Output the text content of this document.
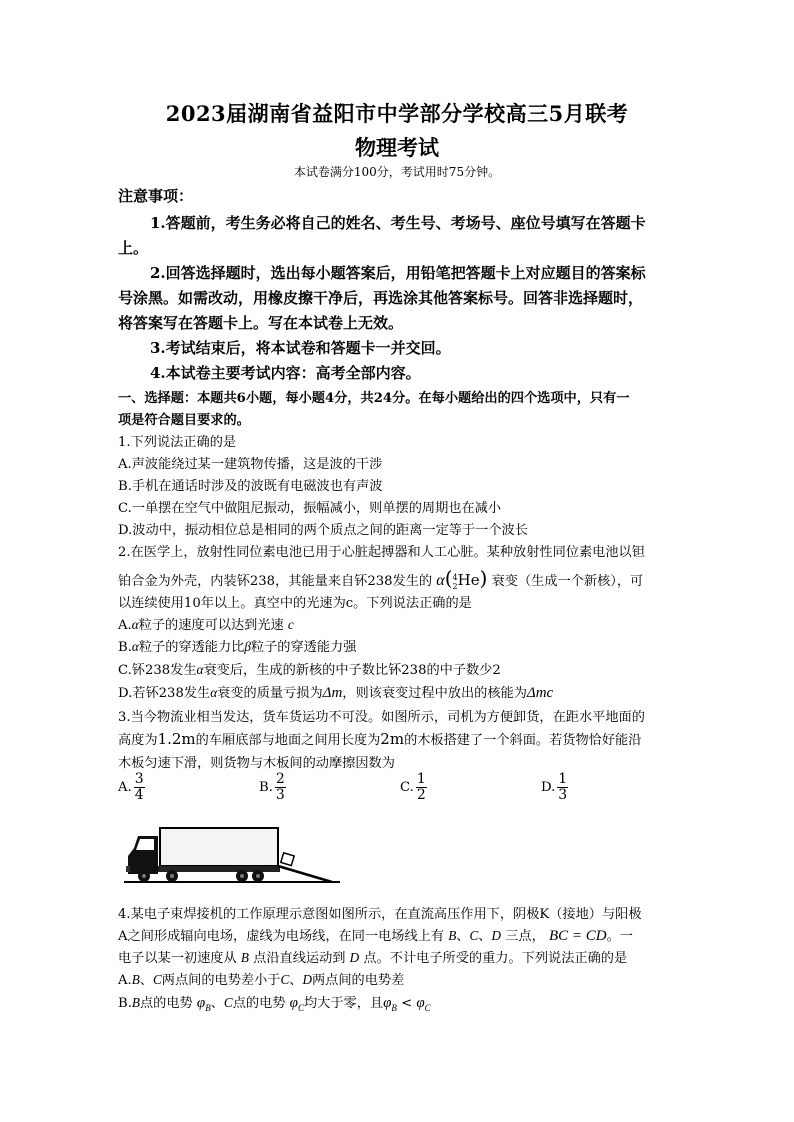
2023届湖南省益阳市中学部分学校高三5月联考
物理考试
本试卷满分100分，考试用时75分钟。
注意事项：
1.答题前，考生务必将自己的姓名、考生号、考场号、座位号填写在答题卡
上。
2.回答选择题时，选出每小题答案后，用铅笔把答题卡上对应题目的答案标
号涂黑。如需改动，用橡皮擦干净后，再选涂其他答案标号。回答非选择题时，
将答案写在答题卡上。写在本试卷上无效。
3.考试结束后，将本试卷和答题卡一并交回。
4.本试卷主要考试内容：高考全部内容。
一、选择题：本题共6小题，每小题4分，共24分。在每小题给出的四个选项中，只有一
项是符合题目要求的。
1.下列说法正确的是
A.声波能绕过某一建筑物传播，这是波的干涉
B.手机在通话时涉及的波既有电磁波也有声波
C.一单摆在空气中做阻尼振动，振幅减小，则单摆的周期也在减小
D.波动中，振动相位总是相同的两个质点之间的距离一定等于一个波长
2.在医学上，放射性同位素电池已用于心脏起搏器和人工心脏。某种放射性同位素电池以钽
铂合金为外壳，内装钚238，其能量来自钚238发生的 α( 4
2 He) 衰变（生成一个新核），可
以连续使用10年以上。真空中的光速为c。下列说法正确的是
A.α粒子的速度可以达到光速 c
B.α粒子的穿透能力比β粒子的穿透能力强
C.钚238发生α衰变后，生成的新核的中子数比钚238的中子数少2
D.若钚238发生α衰变的质量亏损为Δm，则该衰变过程中放出的核能为Δmc
3.当今物流业相当发达，货车货运功不可没。如图所示，司机为方便卸货，在距水平地面的
高度为1.2m的车厢底部与地面之间用长度为2m的木板搭建了一个斜面。若货物恰好能沿
木板匀速下滑，则货物与木板间的动摩擦因数为
A. $\frac{3}{4}$	B. $\frac{2}{3}$	C. $\frac{1}{2}$	D. $\frac{1}{3}$
4.某电子束焊接机的工作原理示意图如图所示，在直流高压作用下，阴极K（接地）与阳极
A之间形成辐向电场，虚线为电场线，在同一电场线上有 B、C、D 三点， BC = CD。一
电子以某一初速度从 B 点沿直线运动到 D 点。不计电子所受的重力。下列说法正确的是
A.B、C两点间的电势差小于C、D两点间的电势差
B.B点的电势 $\varphi_B$、C点的电势 $\varphi_C$均大于零，且$\varphi_B < \varphi_C$
